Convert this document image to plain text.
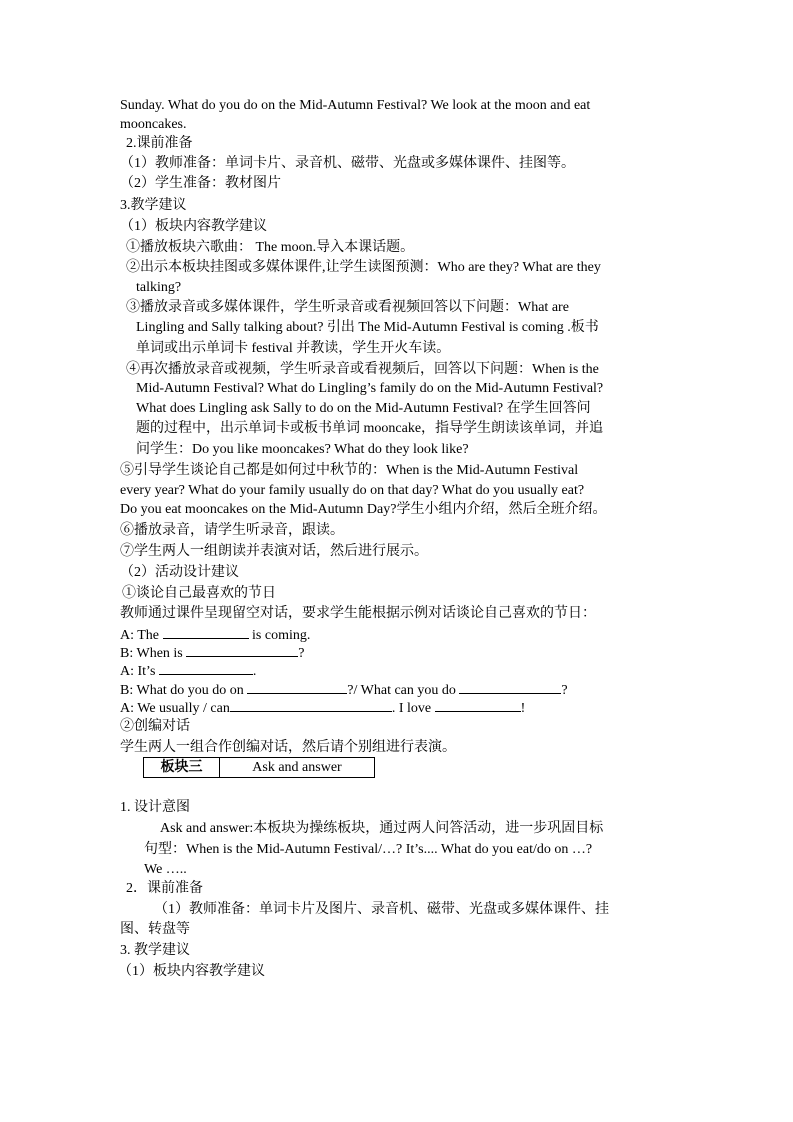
Sunday. What do you do on the Mid-Autumn Festival? We look at the moon and eat
mooncakes.
2.课前准备
（1）教师准备：单词卡片、录音机、磁带、光盘或多媒体课件、挂图等。
（2）学生准备：教材图片
3.教学建议
（1）板块内容教学建议
①播放板块六歌曲： The moon.导入本课话题。
②出示本板块挂图或多媒体课件,让学生读图预测：Who are they? What are they
talking?
③播放录音或多媒体课件，学生听录音或看视频回答以下问题：What are
Lingling and Sally talking about? 引出 The Mid-Autumn Festival is coming .板书
单词或出示单词卡 festival 并教读，学生开火车读。
④再次播放录音或视频，学生听录音或看视频后，回答以下问题：When is the
Mid-Autumn Festival? What do Lingling’s family do on the Mid-Autumn Festival?
What does Lingling ask Sally to do on the Mid-Autumn Festival? 在学生回答问
题的过程中，出示单词卡或板书单词 mooncake，指导学生朗读该单词，并追
问学生：Do you like mooncakes? What do they look like?
⑤引导学生谈论自己都是如何过中秋节的：When is the Mid-Autumn Festival
every year? What do your family usually do on that day? What do you usually eat?
Do you eat mooncakes on the Mid-Autumn Day?学生小组内介绍，然后全班介绍。
⑥播放录音，请学生听录音，跟读。
⑦学生两人一组朗读并表演对话，然后进行展示。
（2）活动设计建议
①谈论自己最喜欢的节日
教师通过课件呈现留空对话，要求学生能根据示例对话谈论自己喜欢的节日：
A: The	is coming.
B: When is	?
A: It’s	.
B: What do you do on	?/ What can you do	?
A: We usually / can	. I love	!
②创编对话
学生两人一组合作创编对话，然后请个别组进行表演。
板块三	Ask and answer
1. 设计意图
Ask and answer:本板块为操练板块，通过两人问答活动，进一步巩固目标
句型：When is the Mid-Autumn Festival/…? It’s.... What do you eat/do on …?
We …..
2．课前准备
（1）教师准备：单词卡片及图片、录音机、磁带、光盘或多媒体课件、挂
图、转盘等
3. 教学建议
（1）板块内容教学建议
